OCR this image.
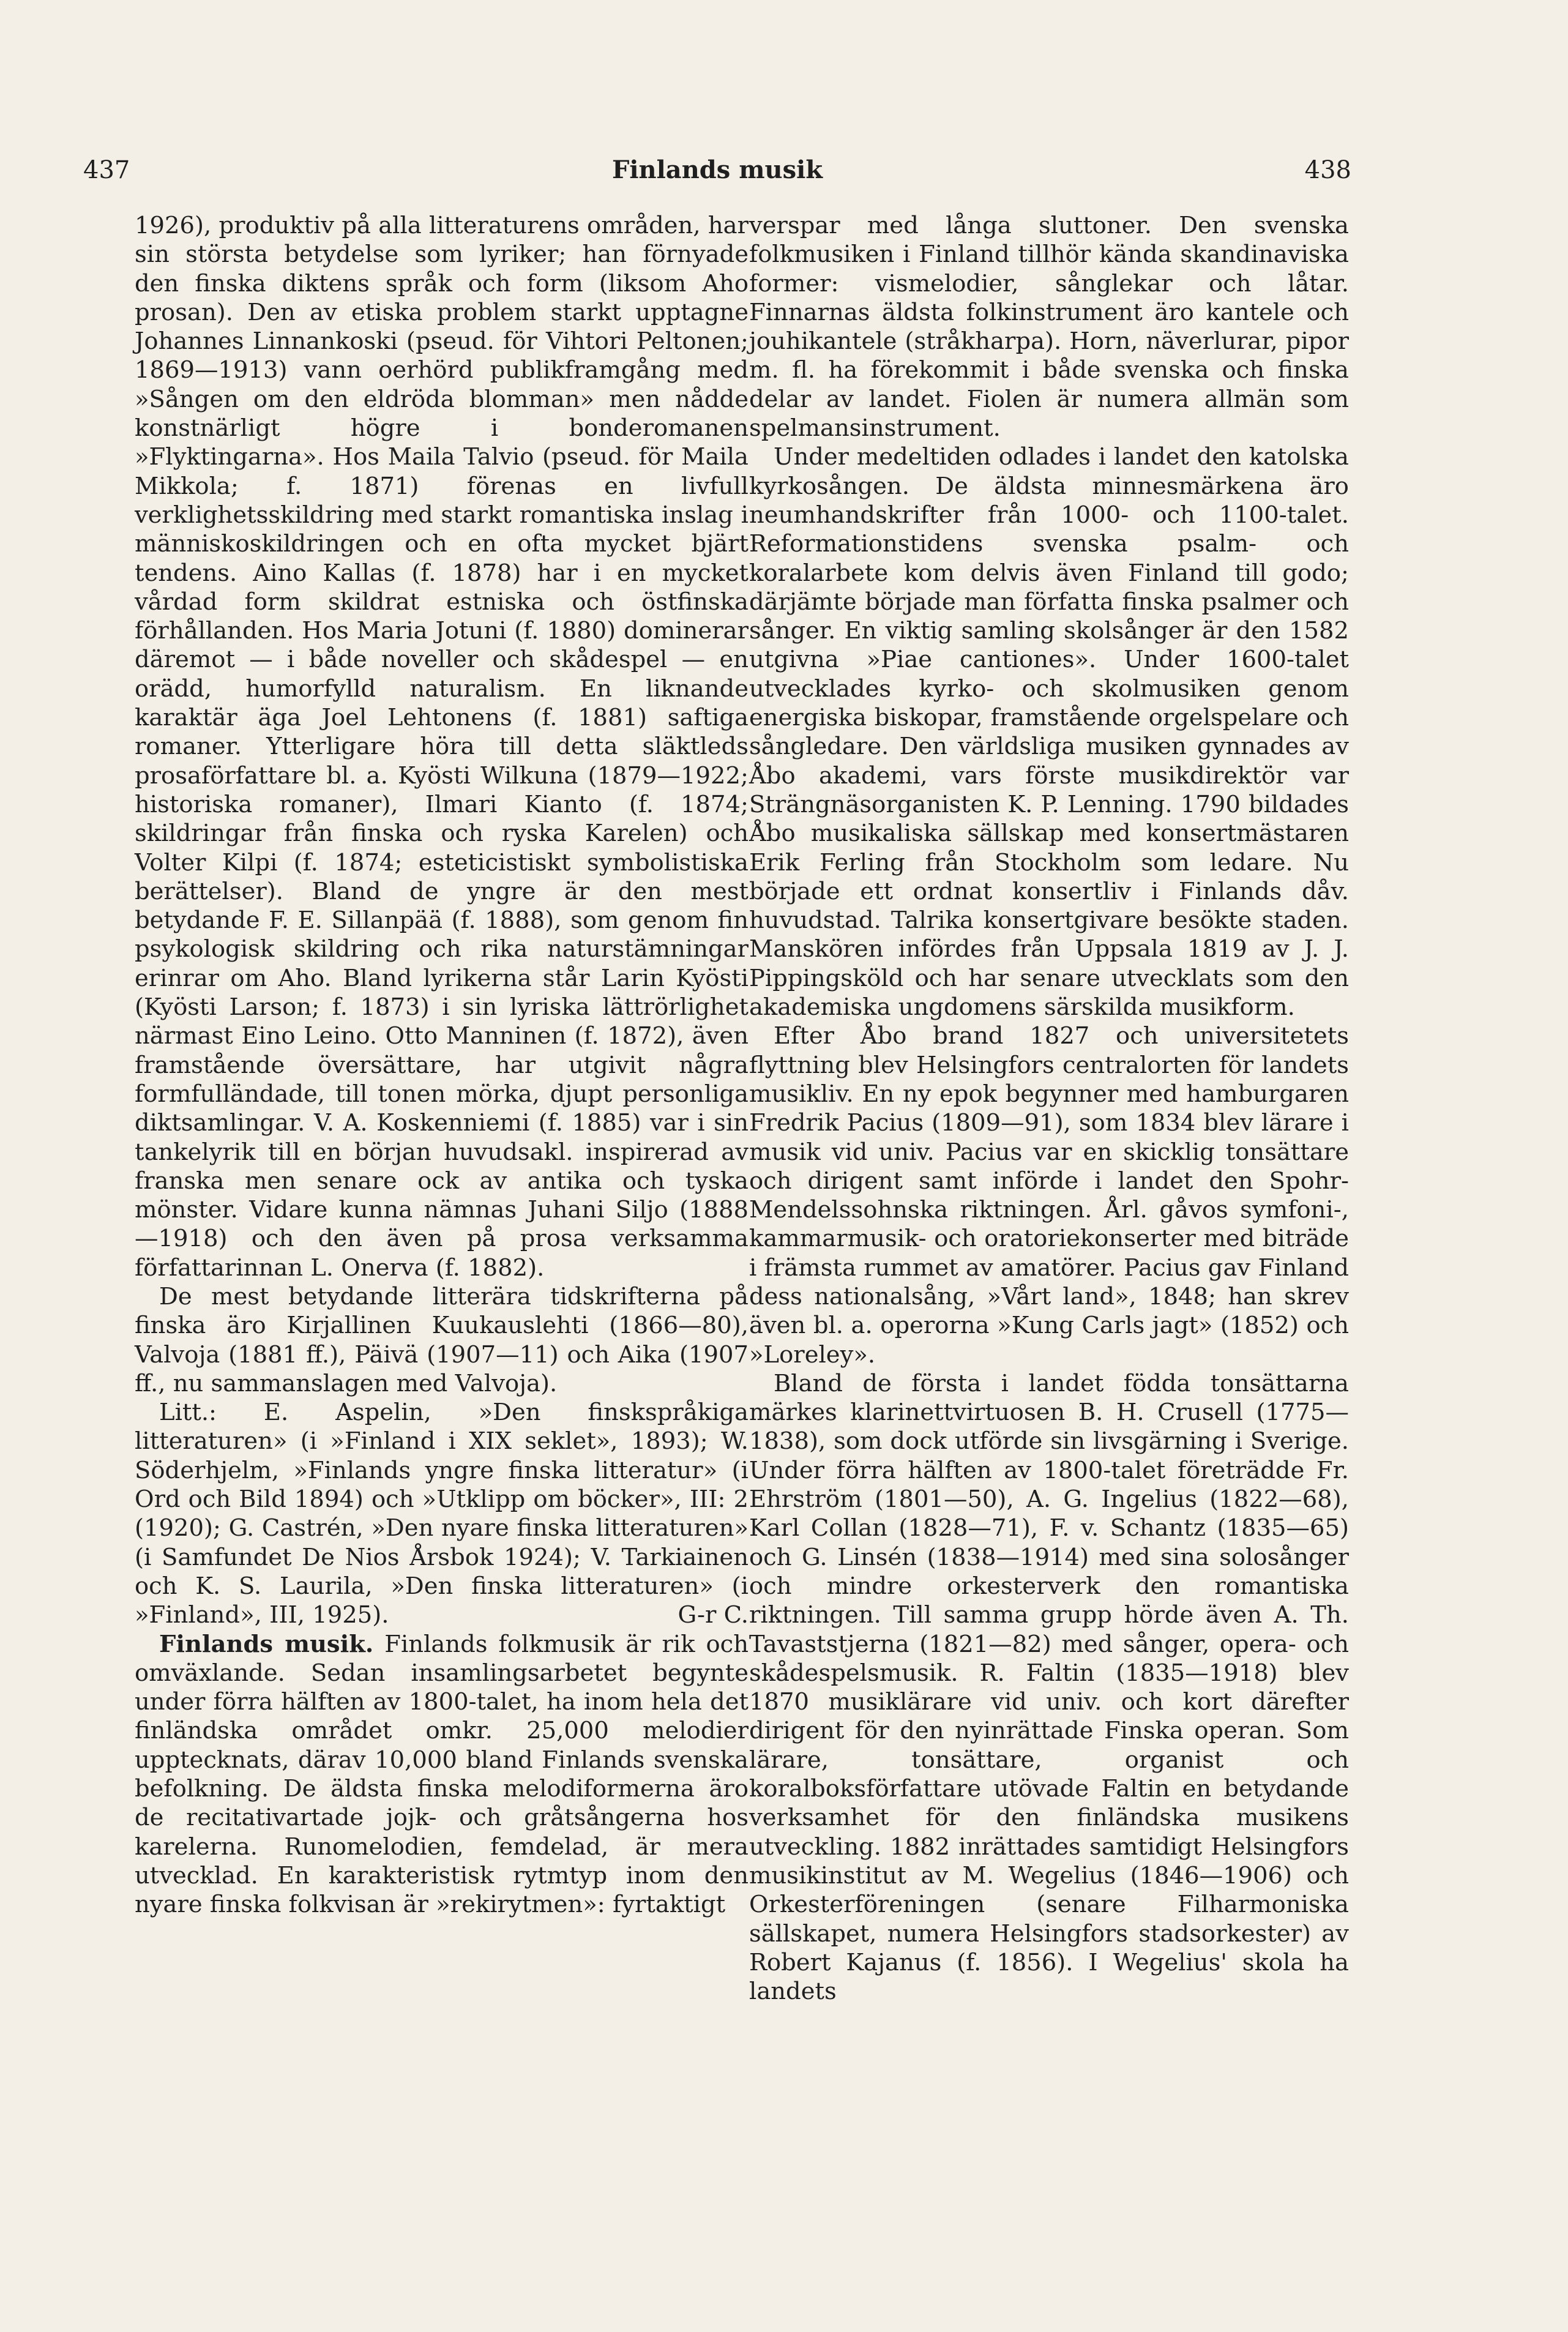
437	Finlands musik	438

1926), produktiv på alla litteraturens områden, har sin största betydelse som lyriker; han förnyade den finska diktens språk och form (liksom Aho prosan). Den av etiska problem starkt upptagne Johannes Linnankoski (pseud. för Vihtori Peltonen; 1869—1913) vann oerhörd publikframgång med »Sången om den eldröda blomman» men nådde konstnärligt högre i bonderomanen »Flyktingarna». Hos Maila Talvio (pseud. för Maila Mikkola; f. 1871) förenas en livfull verklighetsskildring med starkt romantiska inslag i människoskildringen och en ofta mycket bjärt tendens. Aino Kallas (f. 1878) har i en mycket vårdad form skildrat estniska och östfinska förhållanden. Hos Maria Jotuni (f. 1880) dominerar däremot — i både noveller och skådespel — en orädd, humorfylld naturalism. En liknande karaktär äga Joel Lehtonens (f. 1881) saftiga romaner. Ytterligare höra till detta släktleds prosaförfattare bl. a. Kyösti Wilkuna (1879—1922; historiska romaner), Ilmari Kianto (f. 1874; skildringar från finska och ryska Karelen) och Volter Kilpi (f. 1874; esteticistiskt symbolistiska berättelser). Bland de yngre är den mest betydande F. E. Sillanpää (f. 1888), som genom fin psykologisk skildring och rika naturstämningar erinrar om Aho. Bland lyrikerna står Larin Kyösti (Kyösti Larson; f. 1873) i sin lyriska lättrörlighet närmast Eino Leino. Otto Manninen (f. 1872), även framstående översättare, har utgivit några formfulländade, till tonen mörka, djupt personliga diktsamlingar. V. A. Koskenniemi (f. 1885) var i sin tankelyrik till en början huvudsakl. inspirerad av franska men senare ock av antika och tyska mönster. Vidare kunna nämnas Juhani Siljo (1888—1918) och den även på prosa verksamma författarinnan L. Onerva (f. 1882).

De mest betydande litterära tidskrifterna på finska äro Kirjallinen Kuukauslehti (1866—80), Valvoja (1881 ff.), Päivä (1907—11) och Aika (1907 ff., nu sammanslagen med Valvoja).

Litt.: E. Aspelin, »Den finskspråkiga litteraturen» (i »Finland i XIX seklet», 1893); W. Söderhjelm, »Finlands yngre finska litteratur» (i Ord och Bild 1894) och »Utklipp om böcker», III: 2 (1920); G. Castrén, »Den nyare finska litteraturen» (i Samfundet De Nios Årsbok 1924); V. Tarkiainen och K. S. Laurila, »Den finska litteraturen» (i »Finland», III, 1925).	G-r C.

Finlands musik. Finlands folkmusik är rik och omväxlande. Sedan insamlingsarbetet begynte under förra hälften av 1800-talet, ha inom hela det finländska området omkr. 25,000 melodier upptecknats, därav 10,000 bland Finlands svenska befolkning. De äldsta finska melodiformerna äro de recitativartade jojk- och gråtsångerna hos karelerna. Runomelodien, femdelad, är mera utvecklad. En karakteristisk rytmtyp inom den nyare finska folkvisan är »rekirytmen»: fyrtaktigt

verspar med långa sluttoner. Den svenska folkmusiken i Finland tillhör kända skandinaviska former: vismelodier, sånglekar och låtar. Finnarnas äldsta folkinstrument äro kantele och jouhikantele (stråkharpa). Horn, näverlurar, pipor m. fl. ha förekommit i både svenska och finska delar av landet. Fiolen är numera allmän som spelmansinstrument.

Under medeltiden odlades i landet den katolska kyrkosången. De äldsta minnesmärkena äro neumhandskrifter från 1000- och 1100-talet. Reformationstidens svenska psalm- och koralarbete kom delvis även Finland till godo; därjämte började man författa finska psalmer och sånger. En viktig samling skolsånger är den 1582 utgivna »Piae cantiones». Under 1600-talet utvecklades kyrko- och skolmusiken genom energiska biskopar, framstående orgelspelare och sångledare. Den världsliga musiken gynnades av Åbo akademi, vars förste musikdirektör var Strängnäsorganisten K. P. Lenning. 1790 bildades Åbo musikaliska sällskap med konsertmästaren Erik Ferling från Stockholm som ledare. Nu började ett ordnat konsertliv i Finlands dåv. huvudstad. Talrika konsertgivare besökte staden. Manskören infördes från Uppsala 1819 av J. J. Pippingsköld och har senare utvecklats som den akademiska ungdomens särskilda musikform.

Efter Åbo brand 1827 och universitetets flyttning blev Helsingfors centralorten för landets musikliv. En ny epok begynner med hamburgaren Fredrik Pacius (1809—91), som 1834 blev lärare i musik vid univ. Pacius var en skicklig tonsättare och dirigent samt införde i landet den Spohr-Mendelssohnska riktningen. Årl. gåvos symfoni-, kammarmusik- och oratoriekonserter med biträde i främsta rummet av amatörer. Pacius gav Finland dess nationalsång, »Vårt land», 1848; han skrev även bl. a. operorna »Kung Carls jagt» (1852) och »Loreley».

Bland de första i landet födda tonsättarna märkes klarinettvirtuosen B. H. Crusell (1775—1838), som dock utförde sin livsgärning i Sverige. Under förra hälften av 1800-talet företrädde Fr. Ehrström (1801—50), A. G. Ingelius (1822—68), Karl Collan (1828—71), F. v. Schantz (1835—65) och G. Linsén (1838—1914) med sina solosånger och mindre orkesterverk den romantiska riktningen. Till samma grupp hörde även A. Th. Tavaststjerna (1821—82) med sånger, opera- och skådespelsmusik. R. Faltin (1835—1918) blev 1870 musiklärare vid univ. och kort därefter dirigent för den nyinrättade Finska operan. Som lärare, tonsättare, organist och koralboksförfattare utövade Faltin en betydande verksamhet för den finländska musikens utveckling. 1882 inrättades samtidigt Helsingfors musikinstitut av M. Wegelius (1846—1906) och Orkesterföreningen (senare Filharmoniska sällskapet, numera Helsingfors stadsorkester) av Robert Kajanus (f. 1856). I Wegelius' skola ha landets
